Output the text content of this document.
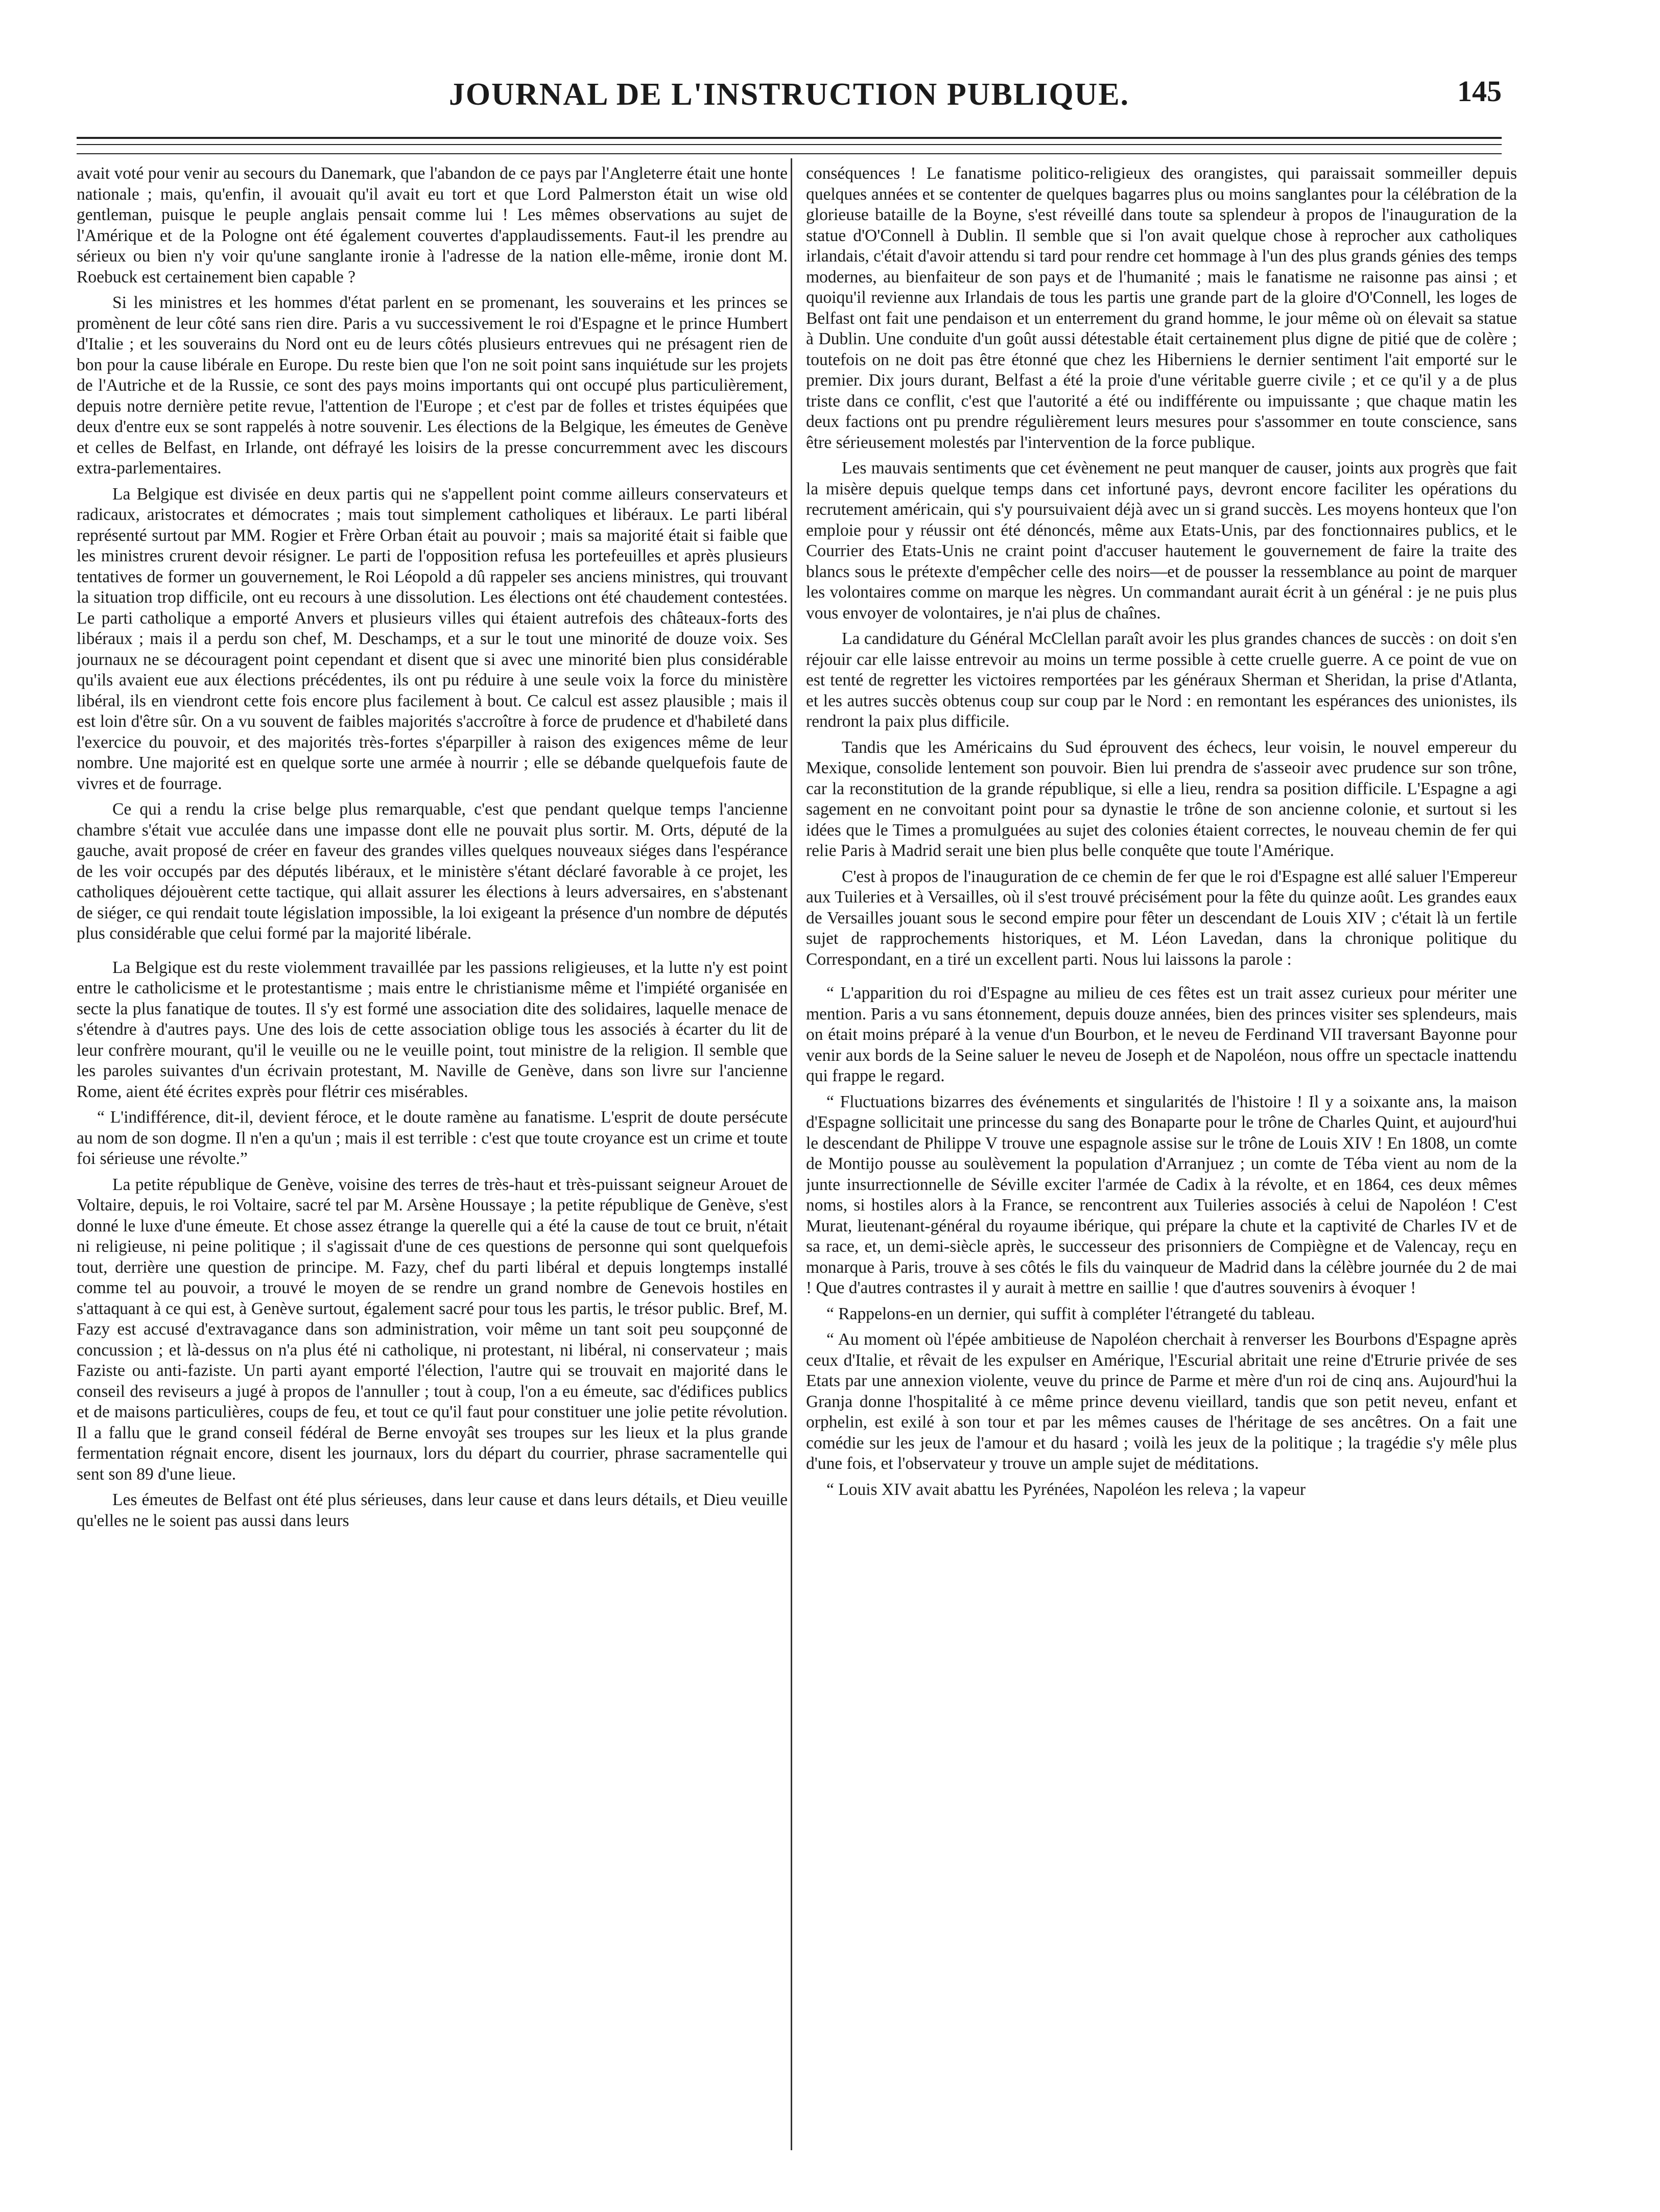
JOURNAL DE L'INSTRUCTION PUBLIQUE.	145

avait voté pour venir au secours du Danemark, que l'abandon de ce pays par l'Angleterre était une honte nationale ; mais, qu'enfin, il avouait qu'il avait eu tort et que Lord Palmerston était un wise old gentleman, puisque le peuple anglais pensait comme lui ! Les mêmes observations au sujet de l'Amérique et de la Pologne ont été également couvertes d'applaudissements. Faut-il les prendre au sérieux ou bien n'y voir qu'une sanglante ironie à l'adresse de la nation elle-même, ironie dont M. Roebuck est certainement bien capable ?

Si les ministres et les hommes d'état parlent en se promenant, les souverains et les princes se promènent de leur côté sans rien dire. Paris a vu successivement le roi d'Espagne et le prince Humbert d'Italie ; et les souverains du Nord ont eu de leurs côtés plusieurs entrevues qui ne présagent rien de bon pour la cause libérale en Europe. Du reste bien que l'on ne soit point sans inquiétude sur les projets de l'Autriche et de la Russie, ce sont des pays moins importants qui ont occupé plus particulièrement, depuis notre dernière petite revue, l'attention de l'Europe ; et c'est par de folles et tristes équipées que deux d'entre eux se sont rappelés à notre souvenir. Les élections de la Belgique, les émeutes de Genève et celles de Belfast, en Irlande, ont défrayé les loisirs de la presse concurremment avec les discours extra-parlementaires.

La Belgique est divisée en deux partis qui ne s'appellent point comme ailleurs conservateurs et radicaux, aristocrates et démocrates ; mais tout simplement catholiques et libéraux. Le parti libéral représenté surtout par MM. Rogier et Frère Orban était au pouvoir ; mais sa majorité était si faible que les ministres crurent devoir résigner. Le parti de l'opposition refusa les portefeuilles et après plusieurs tentatives de former un gouvernement, le Roi Léopold a dû rappeler ses anciens ministres, qui trouvant la situation trop difficile, ont eu recours à une dissolution. Les élections ont été chaudement contestées. Le parti catholique a emporté Anvers et plusieurs villes qui étaient autrefois des châteaux-forts des libéraux ; mais il a perdu son chef, M. Deschamps, et a sur le tout une minorité de douze voix. Ses journaux ne se découragent point cependant et disent que si avec une minorité bien plus considérable qu'ils avaient eue aux élections précédentes, ils ont pu réduire à une seule voix la force du ministère libéral, ils en viendront cette fois encore plus facilement à bout. Ce calcul est assez plausible ; mais il est loin d'être sûr. On a vu souvent de faibles majorités s'accroître à force de prudence et d'habileté dans l'exercice du pouvoir, et des majorités très-fortes s'éparpiller à raison des exigences même de leur nombre. Une majorité est en quelque sorte une armée à nourrir ; elle se débande quelquefois faute de vivres et de fourrage.

Ce qui a rendu la crise belge plus remarquable, c'est que pendant quelque temps l'ancienne chambre s'était vue acculée dans une impasse dont elle ne pouvait plus sortir. M. Orts, député de la gauche, avait proposé de créer en faveur des grandes villes quelques nouveaux siéges dans l'espérance de les voir occupés par des députés libéraux, et le ministère s'étant déclaré favorable à ce projet, les catholiques déjouèrent cette tactique, qui allait assurer les élections à leurs adversaires, en s'abstenant de siéger, ce qui rendait toute législation impossible, la loi exigeant la présence d'un nombre de députés plus considérable que celui formé par la majorité libérale.

La Belgique est du reste violemment travaillée par les passions religieuses, et la lutte n'y est point entre le catholicisme et le protestantisme ; mais entre le christianisme même et l'impiété organisée en secte la plus fanatique de toutes. Il s'y est formé une association dite des solidaires, laquelle menace de s'étendre à d'autres pays. Une des lois de cette association oblige tous les associés à écarter du lit de leur confrère mourant, qu'il le veuille ou ne le veuille point, tout ministre de la religion. Il semble que les paroles suivantes d'un écrivain protestant, M. Naville de Genève, dans son livre sur l'ancienne Rome, aient été écrites exprès pour flétrir ces misérables.

“ L'indifférence, dit-il, devient féroce, et le doute ramène au fanatisme. L'esprit de doute persécute au nom de son dogme. Il n'en a qu'un ; mais il est terrible : c'est que toute croyance est un crime et toute foi sérieuse une révolte.”

La petite république de Genève, voisine des terres de très-haut et très-puissant seigneur Arouet de Voltaire, depuis, le roi Voltaire, sacré tel par M. Arsène Houssaye ; la petite république de Genève, s'est donné le luxe d'une émeute. Et chose assez étrange la querelle qui a été la cause de tout ce bruit, n'était ni religieuse, ni peine politique ; il s'agissait d'une de ces questions de personne qui sont quelquefois tout, derrière une question de principe. M. Fazy, chef du parti libéral et depuis longtemps installé comme tel au pouvoir, a trouvé le moyen de se rendre un grand nombre de Genevois hostiles en s'attaquant à ce qui est, à Genève surtout, également sacré pour tous les partis, le trésor public. Bref, M. Fazy est accusé d'extravagance dans son administration, voir même un tant soit peu soupçonné de concussion ; et là-dessus on n'a plus été ni catholique, ni protestant, ni libéral, ni conservateur ; mais Faziste ou anti-faziste. Un parti ayant emporté l'élection, l'autre qui se trouvait en majorité dans le conseil des reviseurs a jugé à propos de l'annuller ; tout à coup, l'on a eu émeute, sac d'édifices publics et de maisons particulières, coups de feu, et tout ce qu'il faut pour constituer une jolie petite révolution. Il a fallu que le grand conseil fédéral de Berne envoyât ses troupes sur les lieux et la plus grande fermentation régnait encore, disent les journaux, lors du départ du courrier, phrase sacramentelle qui sent son 89 d'une lieue.

Les émeutes de Belfast ont été plus sérieuses, dans leur cause et dans leurs détails, et Dieu veuille qu'elles ne le soient pas aussi dans leurs

conséquences ! Le fanatisme politico-religieux des orangistes, qui paraissait sommeiller depuis quelques années et se contenter de quelques bagarres plus ou moins sanglantes pour la célébration de la glorieuse bataille de la Boyne, s'est réveillé dans toute sa splendeur à propos de l'inauguration de la statue d'O'Connell à Dublin. Il semble que si l'on avait quelque chose à reprocher aux catholiques irlandais, c'était d'avoir attendu si tard pour rendre cet hommage à l'un des plus grands génies des temps modernes, au bienfaiteur de son pays et de l'humanité ; mais le fanatisme ne raisonne pas ainsi ; et quoiqu'il revienne aux Irlandais de tous les partis une grande part de la gloire d'O'Connell, les loges de Belfast ont fait une pendaison et un enterrement du grand homme, le jour même où on élevait sa statue à Dublin. Une conduite d'un goût aussi détestable était certainement plus digne de pitié que de colère ; toutefois on ne doit pas être étonné que chez les Hiberniens le dernier sentiment l'ait emporté sur le premier. Dix jours durant, Belfast a été la proie d'une véritable guerre civile ; et ce qu'il y a de plus triste dans ce conflit, c'est que l'autorité a été ou indifférente ou impuissante ; que chaque matin les deux factions ont pu prendre régulièrement leurs mesures pour s'assommer en toute conscience, sans être sérieusement molestés par l'intervention de la force publique.

Les mauvais sentiments que cet évènement ne peut manquer de causer, joints aux progrès que fait la misère depuis quelque temps dans cet infortuné pays, devront encore faciliter les opérations du recrutement américain, qui s'y poursuivaient déjà avec un si grand succès. Les moyens honteux que l'on emploie pour y réussir ont été dénoncés, même aux Etats-Unis, par des fonctionnaires publics, et le Courrier des Etats-Unis ne craint point d'accuser hautement le gouvernement de faire la traite des blancs sous le prétexte d'empêcher celle des noirs—et de pousser la ressemblance au point de marquer les volontaires comme on marque les nègres. Un commandant aurait écrit à un général : je ne puis plus vous envoyer de volontaires, je n'ai plus de chaînes.

La candidature du Général McClellan paraît avoir les plus grandes chances de succès : on doit s'en réjouir car elle laisse entrevoir au moins un terme possible à cette cruelle guerre. A ce point de vue on est tenté de regretter les victoires remportées par les généraux Sherman et Sheridan, la prise d'Atlanta, et les autres succès obtenus coup sur coup par le Nord : en remontant les espérances des unionistes, ils rendront la paix plus difficile.

Tandis que les Américains du Sud éprouvent des échecs, leur voisin, le nouvel empereur du Mexique, consolide lentement son pouvoir. Bien lui prendra de s'asseoir avec prudence sur son trône, car la reconstitution de la grande république, si elle a lieu, rendra sa position difficile. L'Espagne a agi sagement en ne convoitant point pour sa dynastie le trône de son ancienne colonie, et surtout si les idées que le Times a promulguées au sujet des colonies étaient correctes, le nouveau chemin de fer qui relie Paris à Madrid serait une bien plus belle conquête que toute l'Amérique.

C'est à propos de l'inauguration de ce chemin de fer que le roi d'Espagne est allé saluer l'Empereur aux Tuileries et à Versailles, où il s'est trouvé précisément pour la fête du quinze août. Les grandes eaux de Versailles jouant sous le second empire pour fêter un descendant de Louis XIV ; c'était là un fertile sujet de rapprochements historiques, et M. Léon Lavedan, dans la chronique politique du Correspondant, en a tiré un excellent parti. Nous lui laissons la parole :

“ L'apparition du roi d'Espagne au milieu de ces fêtes est un trait assez curieux pour mériter une mention. Paris a vu sans étonnement, depuis douze années, bien des princes visiter ses splendeurs, mais on était moins préparé à la venue d'un Bourbon, et le neveu de Ferdinand VII traversant Bayonne pour venir aux bords de la Seine saluer le neveu de Joseph et de Napoléon, nous offre un spectacle inattendu qui frappe le regard.

“ Fluctuations bizarres des événements et singularités de l'histoire ! Il y a soixante ans, la maison d'Espagne sollicitait une princesse du sang des Bonaparte pour le trône de Charles Quint, et aujourd'hui le descendant de Philippe V trouve une espagnole assise sur le trône de Louis XIV ! En 1808, un comte de Montijo pousse au soulèvement la population d'Arranjuez ; un comte de Téba vient au nom de la junte insurrectionnelle de Séville exciter l'armée de Cadix à la révolte, et en 1864, ces deux mêmes noms, si hostiles alors à la France, se rencontrent aux Tuileries associés à celui de Napoléon ! C'est Murat, lieutenant-général du royaume ibérique, qui prépare la chute et la captivité de Charles IV et de sa race, et, un demi-siècle après, le successeur des prisonniers de Compiègne et de Valencay, reçu en monarque à Paris, trouve à ses côtés le fils du vainqueur de Madrid dans la célèbre journée du 2 de mai ! Que d'autres contrastes il y aurait à mettre en saillie ! que d'autres souvenirs à évoquer !

“ Rappelons-en un dernier, qui suffit à compléter l'étrangeté du tableau.

“ Au moment où l'épée ambitieuse de Napoléon cherchait à renverser les Bourbons d'Espagne après ceux d'Italie, et rêvait de les expulser en Amérique, l'Escurial abritait une reine d'Etrurie privée de ses Etats par une annexion violente, veuve du prince de Parme et mère d'un roi de cinq ans. Aujourd'hui la Granja donne l'hospitalité à ce même prince devenu vieillard, tandis que son petit neveu, enfant et orphelin, est exilé à son tour et par les mêmes causes de l'héritage de ses ancêtres. On a fait une comédie sur les jeux de l'amour et du hasard ; voilà les jeux de la politique ; la tragédie s'y mêle plus d'une fois, et l'observateur y trouve un ample sujet de méditations.

“ Louis XIV avait abattu les Pyrénées, Napoléon les releva ; la vapeur
